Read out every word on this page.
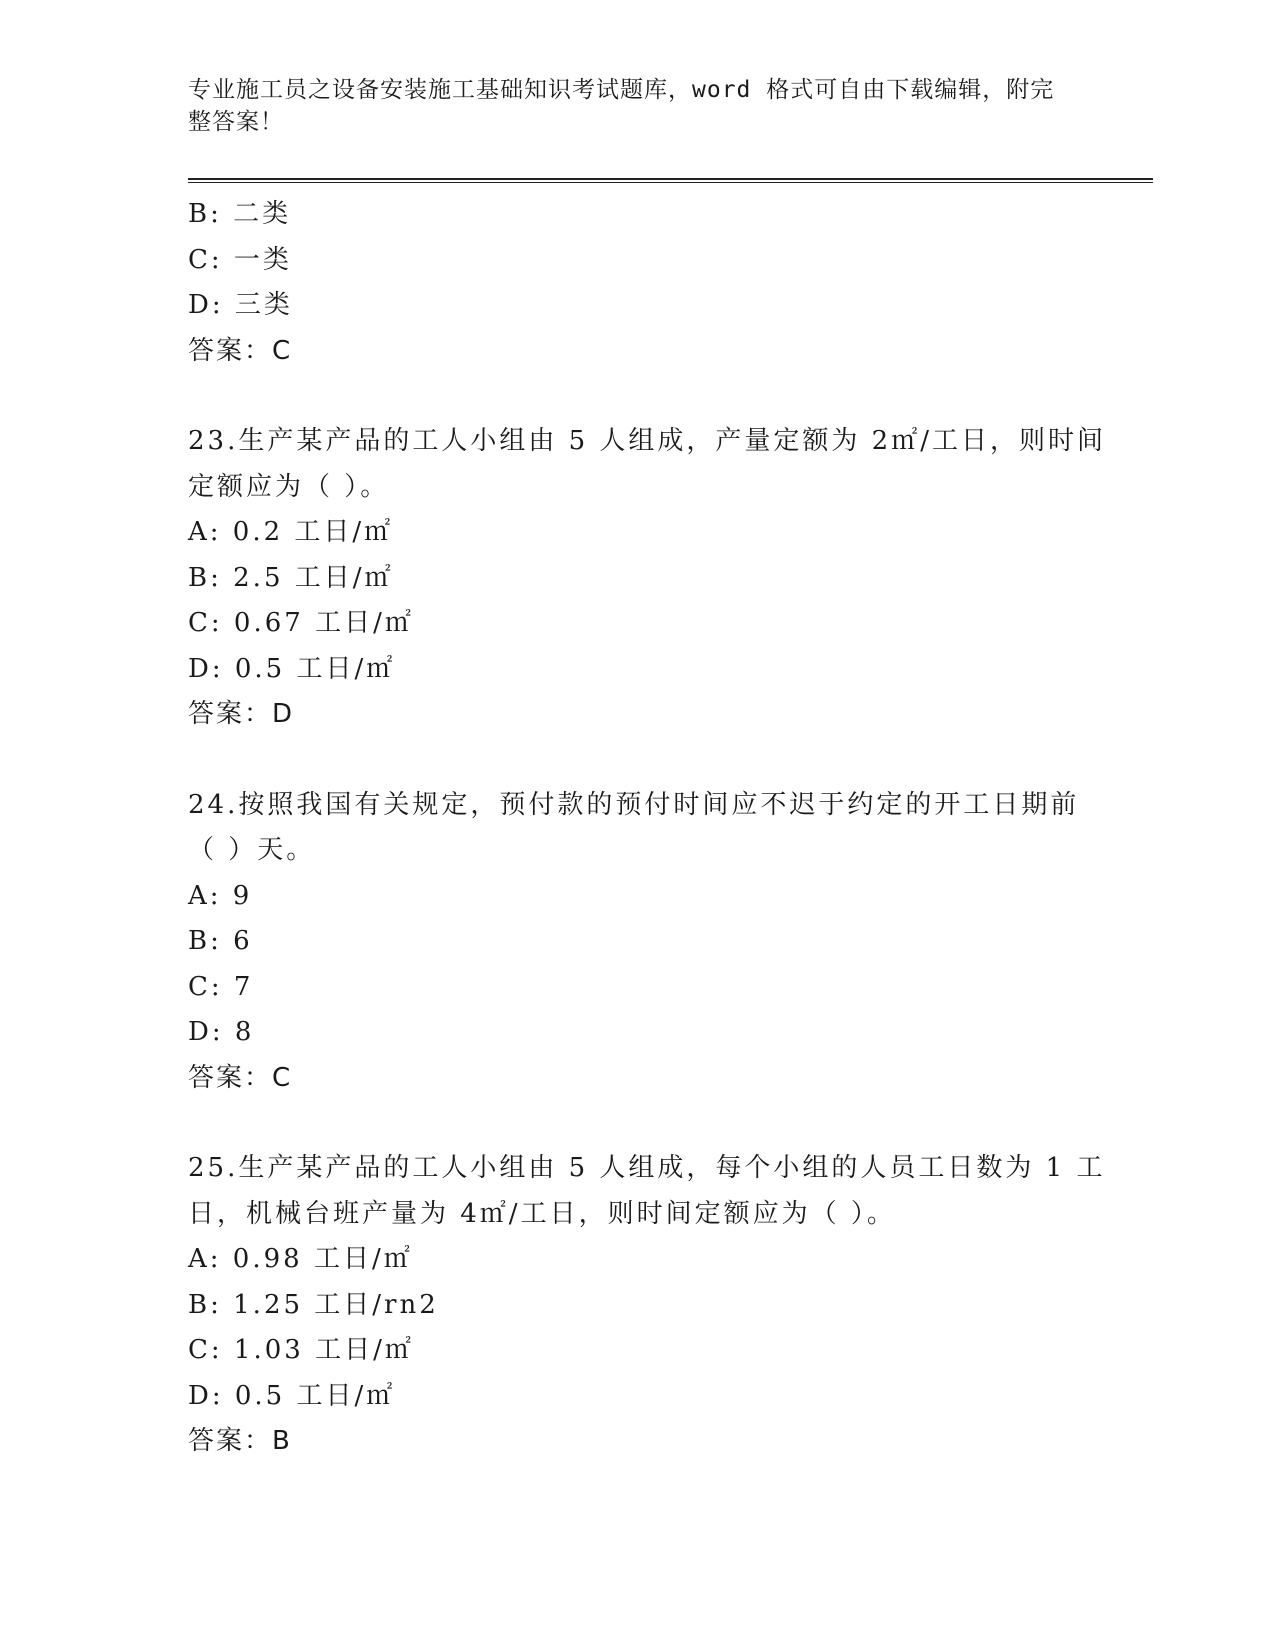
专业施工员之设备安装施工基础知识考试题库，word 格式可自由下载编辑，附完
整答案！
B: 二类
C: 一类
D: 三类
答案：C
23.生产某产品的工人小组由 5 人组成，产量定额为 2㎡/工日，则时间
定额应为（ ）。
A: 0.2 工日/㎡
B: 2.5 工日/㎡
C: 0.67 工日/㎡
D: 0.5 工日/㎡
答案：D
24.按照我国有关规定，预付款的预付时间应不迟于约定的开工日期前
（ ）天。
A: 9
B: 6
C: 7
D: 8
答案：C
25.生产某产品的工人小组由 5 人组成，每个小组的人员工日数为 1 工
日，机械台班产量为 4㎡/工日，则时间定额应为（ ）。
A: 0.98 工日/㎡
B: 1.25 工日/rn2
C: 1.03 工日/㎡
D: 0.5 工日/㎡
答案：B
